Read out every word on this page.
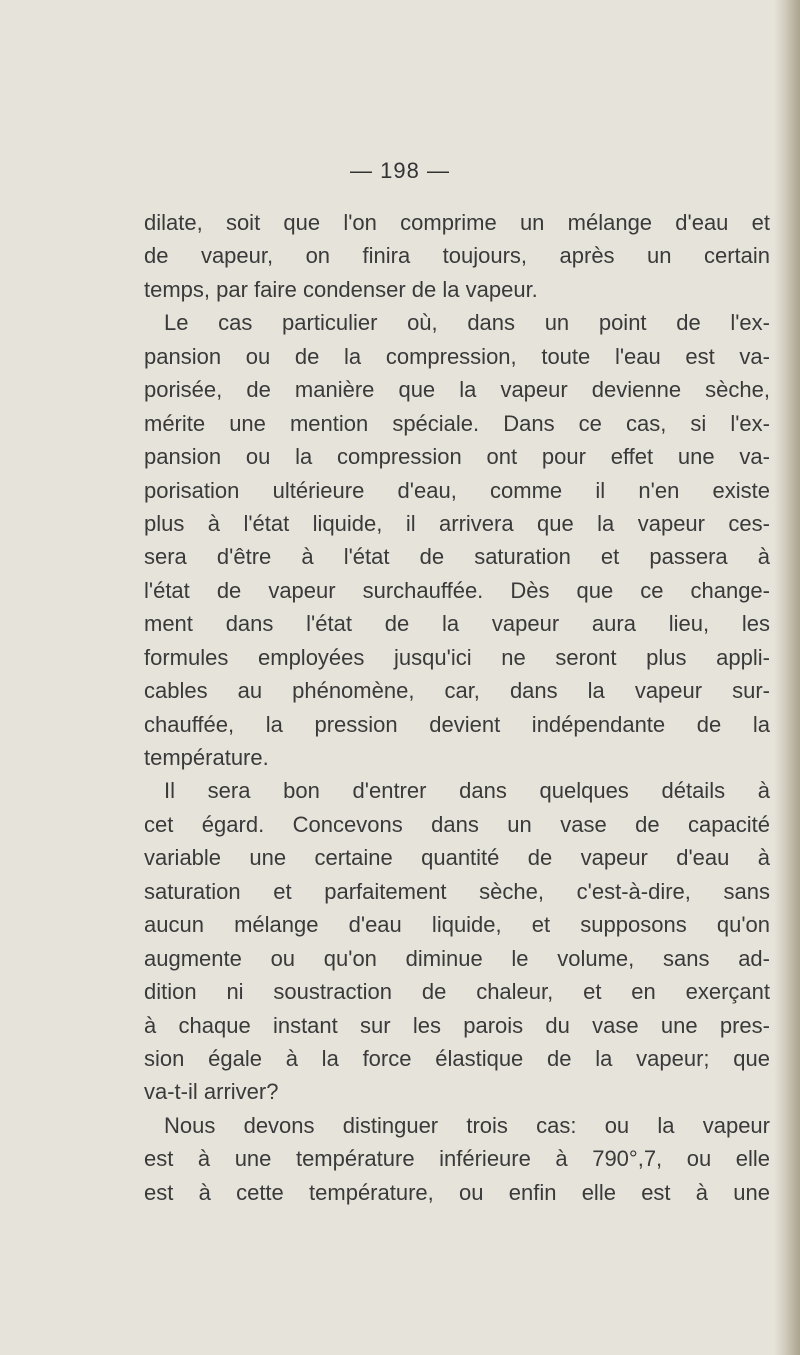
— 198 —
dilate, soit que l'on comprime un mélange d'eau et
de vapeur, on finira toujours, après un certain
temps, par faire condenser de la vapeur.
Le cas particulier où, dans un point de l'ex-
pansion ou de la compression, toute l'eau est va-
porisée, de manière que la vapeur devienne sèche,
mérite une mention spéciale. Dans ce cas, si l'ex-
pansion ou la compression ont pour effet une va-
porisation ultérieure d'eau, comme il n'en existe
plus à l'état liquide, il arrivera que la vapeur ces-
sera d'être à l'état de saturation et passera à
l'état de vapeur surchauffée. Dès que ce change-
ment dans l'état de la vapeur aura lieu, les
formules employées jusqu'ici ne seront plus appli-
cables au phénomène, car, dans la vapeur sur-
chauffée, la pression devient indépendante de la
température.
Il sera bon d'entrer dans quelques détails à
cet égard. Concevons dans un vase de capacité
variable une certaine quantité de vapeur d'eau à
saturation et parfaitement sèche, c'est-à-dire, sans
aucun mélange d'eau liquide, et supposons qu'on
augmente ou qu'on diminue le volume, sans ad-
dition ni soustraction de chaleur, et en exerçant
à chaque instant sur les parois du vase une pres-
sion égale à la force élastique de la vapeur; que
va-t-il arriver?
Nous devons distinguer trois cas: ou la vapeur
est à une température inférieure à 790°,7, ou elle
est à cette température, ou enfin elle est à une
